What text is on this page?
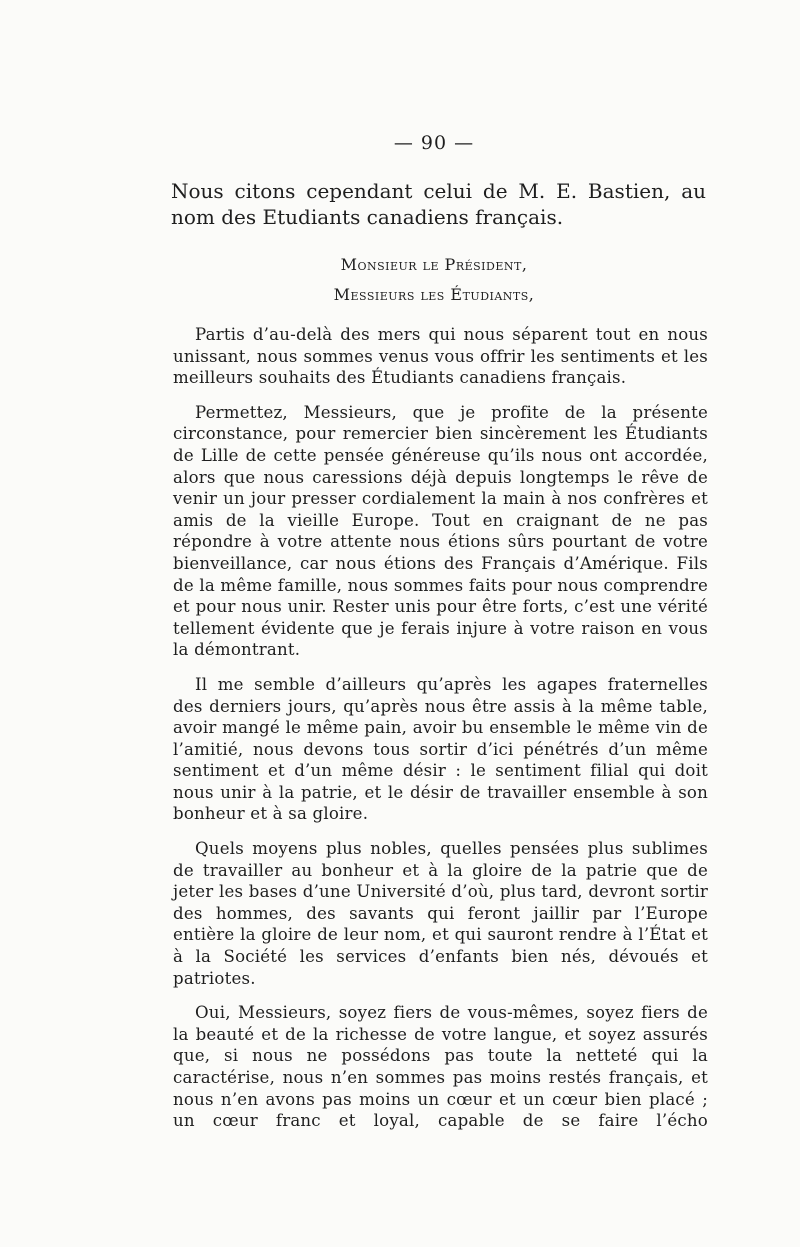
— 90 —

Nous citons cependant celui de M. E. Bastien, au nom des Etudiants canadiens français.

Monsieur le Président,

Messieurs les Étudiants,

Partis d’au-delà des mers qui nous séparent tout en nous unissant, nous sommes venus vous offrir les sentiments et les meilleurs souhaits des Étudiants canadiens français.

Permettez, Messieurs, que je profite de la présente circonstance, pour remercier bien sincèrement les Étudiants de Lille de cette pensée généreuse qu’ils nous ont accordée, alors que nous caressions déjà depuis longtemps le rêve de venir un jour presser cordialement la main à nos confrères et amis de la vieille Europe. Tout en craignant de ne pas répondre à votre attente nous étions sûrs pourtant de votre bienveillance, car nous étions des Français d’Amérique. Fils de la même famille, nous sommes faits pour nous comprendre et pour nous unir. Rester unis pour être forts, c’est une vérité tellement évidente que je ferais injure à votre raison en vous la démontrant.

Il me semble d’ailleurs qu’après les agapes fraternelles des derniers jours, qu’après nous être assis à la même table, avoir mangé le même pain, avoir bu ensemble le même vin de l’amitié, nous devons tous sortir d’ici pénétrés d’un même sentiment et d’un même désir : le sentiment filial qui doit nous unir à la patrie, et le désir de travailler ensemble à son bonheur et à sa gloire.

Quels moyens plus nobles, quelles pensées plus sublimes de travailler au bonheur et à la gloire de la patrie que de jeter les bases d’une Université d’où, plus tard, devront sortir des hommes, des savants qui feront jaillir par l’Europe entière la gloire de leur nom, et qui sauront rendre à l’État et à la Société les services d’enfants bien nés, dévoués et patriotes.

Oui, Messieurs, soyez fiers de vous-mêmes, soyez fiers de la beauté et de la richesse de votre langue, et soyez assurés que, si nous ne possédons pas toute la netteté qui la caractérise, nous n’en sommes pas moins restés français, et nous n’en avons pas moins un cœur et un cœur bien placé ; un cœur franc et loyal, capable de se faire l’écho
